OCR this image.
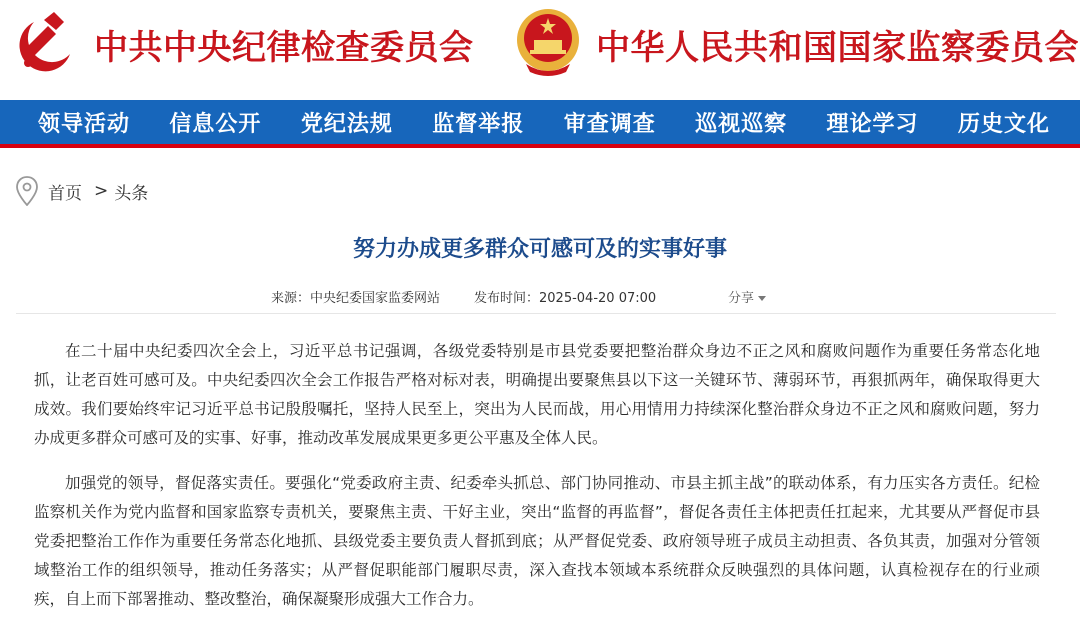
中共中央纪律检查委员会	中华人民共和国国家监察委员会
领导活动 信息公开 党纪法规 监督举报 审查调查 巡视巡察 理论学习 历史文化
首页 > 头条
努力办成更多群众可感可及的实事好事
来源：中央纪委国家监委网站	发布时间：2025-04-20 07:00	分享

在二十届中央纪委四次全会上，习近平总书记强调，各级党委特别是市县党委要把整治群众身边不正之风和腐败问题作为重要任务常态化地抓，让老百姓可感可及。中央纪委四次全会工作报告严格对标对表，明确提出要聚焦县以下这一关键环节、薄弱环节，再狠抓两年，确保取得更大成效。我们要始终牢记习近平总书记殷殷嘱托，坚持人民至上，突出为人民而战，用心用情用力持续深化整治群众身边不正之风和腐败问题，努力办成更多群众可感可及的实事、好事，推动改革发展成果更多更公平惠及全体人民。

加强党的领导，督促落实责任。要强化“党委政府主责、纪委牵头抓总、部门协同推动、市县主抓主战”的联动体系，有力压实各方责任。纪检监察机关作为党内监督和国家监察专责机关，要聚焦主责、干好主业，突出“监督的再监督”，督促各责任主体把责任扛起来，尤其要从严督促市县党委把整治工作作为重要任务常态化地抓、县级党委主要负责人督抓到底；从严督促党委、政府领导班子成员主动担责、各负其责，加强对分管领域整治工作的组织领导，推动任务落实；从严督促职能部门履职尽责，深入查找本领域本系统群众反映强烈的具体问题，认真检视存在的行业顽疾，自上而下部署推动、整改整治，确保凝聚形成强大工作合力。
